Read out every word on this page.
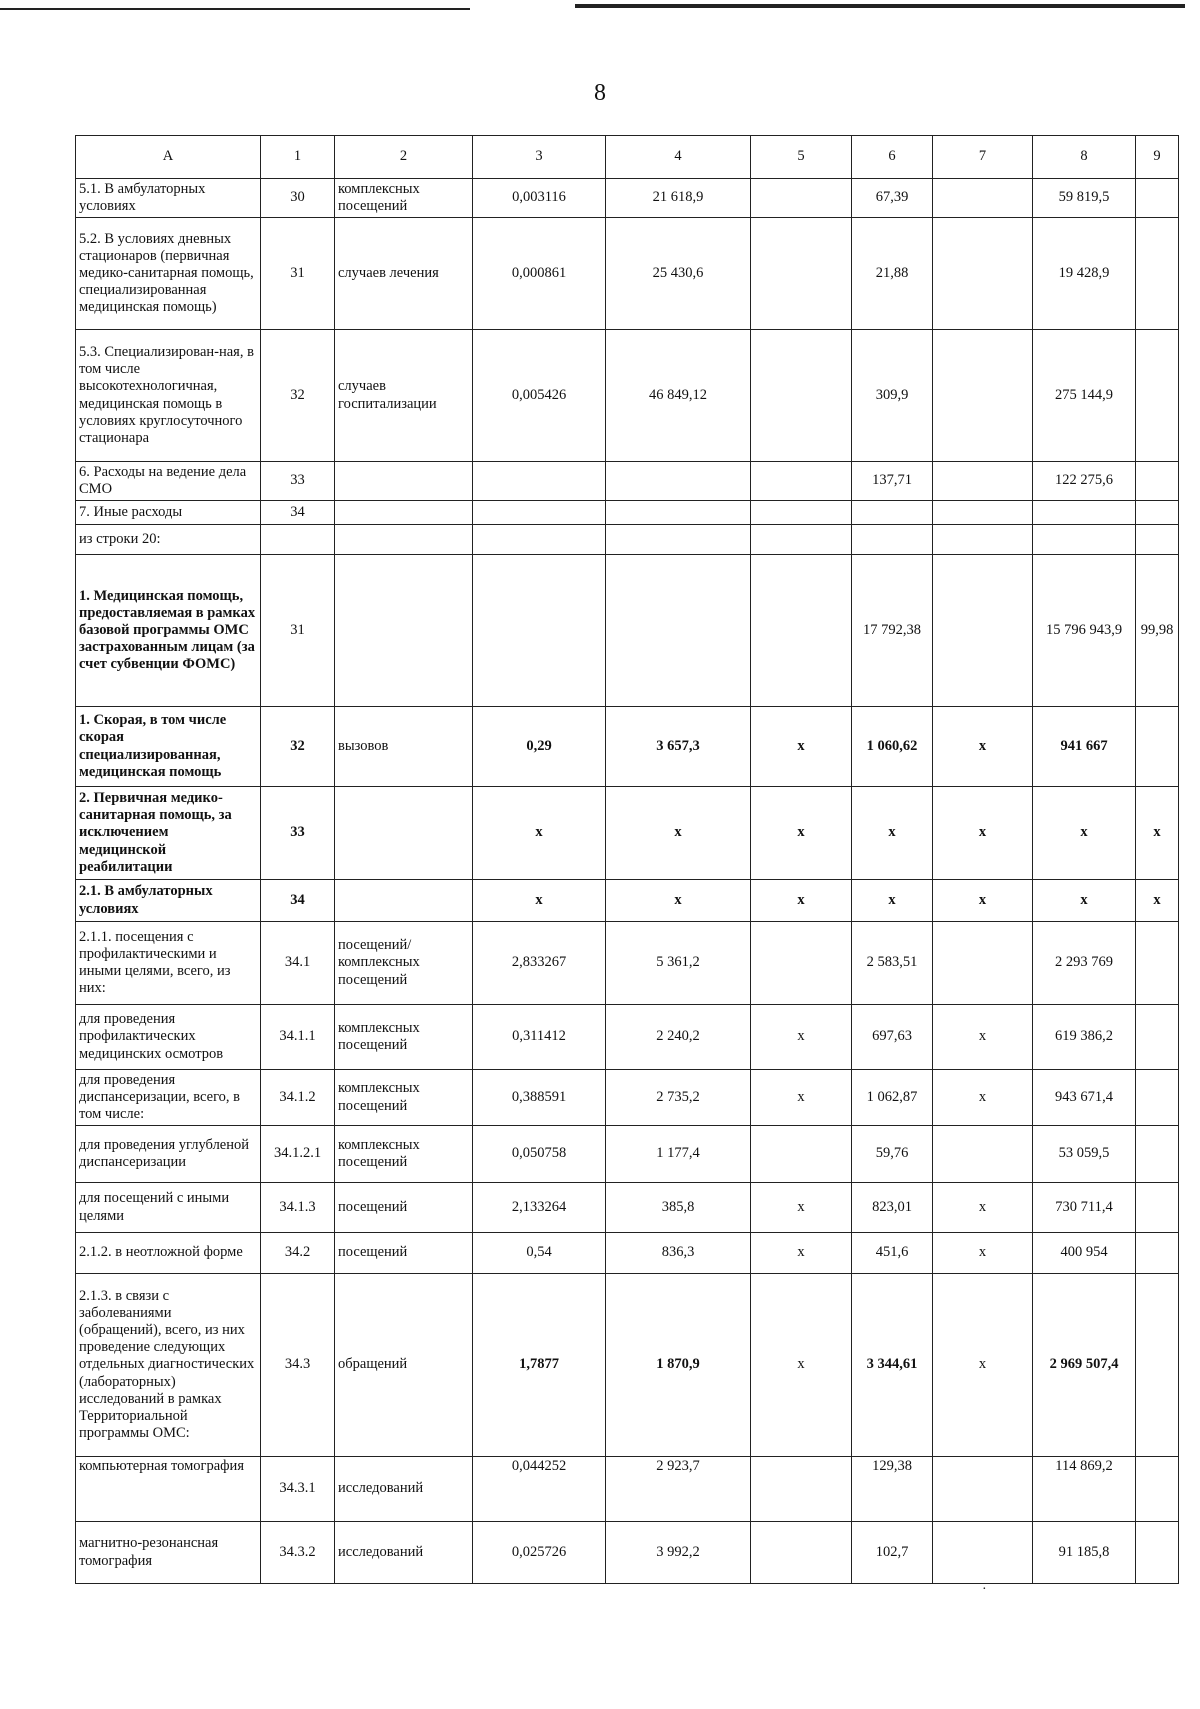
8
А	1	2	3	4	5	6	7	8	9
5.1. В амбулаторных условиях	30	комплексных посещений	0,003116	21 618,9		67,39		59 819,5	
5.2. В условиях дневных стационаров (первичная медико-санитарная помощь, специализированная медицинская помощь)	31	случаев лечения	0,000861	25 430,6		21,88		19 428,9	
5.3. Специализирован-ная, в том числе высокотехнологичная, медицинская помощь в условиях круглосуточного стационара	32	случаев госпитализации	0,005426	46 849,12		309,9		275 144,9	
6. Расходы на ведение дела СМО	33					137,71		122 275,6	
7. Иные расходы	34								
из строки 20:									
1. Медицинская помощь, предоставляемая в рамках базовой программы ОМС застрахованным лицам (за счет субвенции ФОМС)	31					17 792,38		15 796 943,9	99,98
1. Скорая, в том числе скорая специализированная, медицинская помощь	32	вызовов	0,29	3 657,3	х	1 060,62	х	941 667	
2. Первичная медико-санитарная помощь, за исключением медицинской реабилитации	33		х	х	х	х	х	х	х
2.1. В амбулаторных условиях	34		х	х	х	х	х	х	х
2.1.1. посещения с профилактическими и иными целями, всего, из них:	34.1	посещений/ комплексных посещений	2,833267	5 361,2		2 583,51		2 293 769	
для проведения профилактических медицинских осмотров	34.1.1	комплексных посещений	0,311412	2 240,2	х	697,63	х	619 386,2	
для проведения диспансеризации, всего, в том числе:	34.1.2	комплексных посещений	0,388591	2 735,2	х	1 062,87	х	943 671,4	
для проведения углубленой диспансеризации	34.1.2.1	комплексных посещений	0,050758	1 177,4		59,76		53 059,5	
для посещений с иными целями	34.1.3	посещений	2,133264	385,8	х	823,01	х	730 711,4	
2.1.2. в неотложной форме	34.2	посещений	0,54	836,3	х	451,6	х	400 954	
2.1.3. в связи с заболеваниями (обращений), всего, из них проведение следующих отдельных диагностических (лабораторных) исследований в рамках Территориальной программы ОМС:	34.3	обращений	1,7877	1 870,9	х	3 344,61	х	2 969 507,4	
компьютерная томография	34.3.1	исследований	0,044252	2 923,7		129,38		114 869,2	
магнитно-резонансная томография	34.3.2	исследований	0,025726	3 992,2		102,7		91 185,8	
·
